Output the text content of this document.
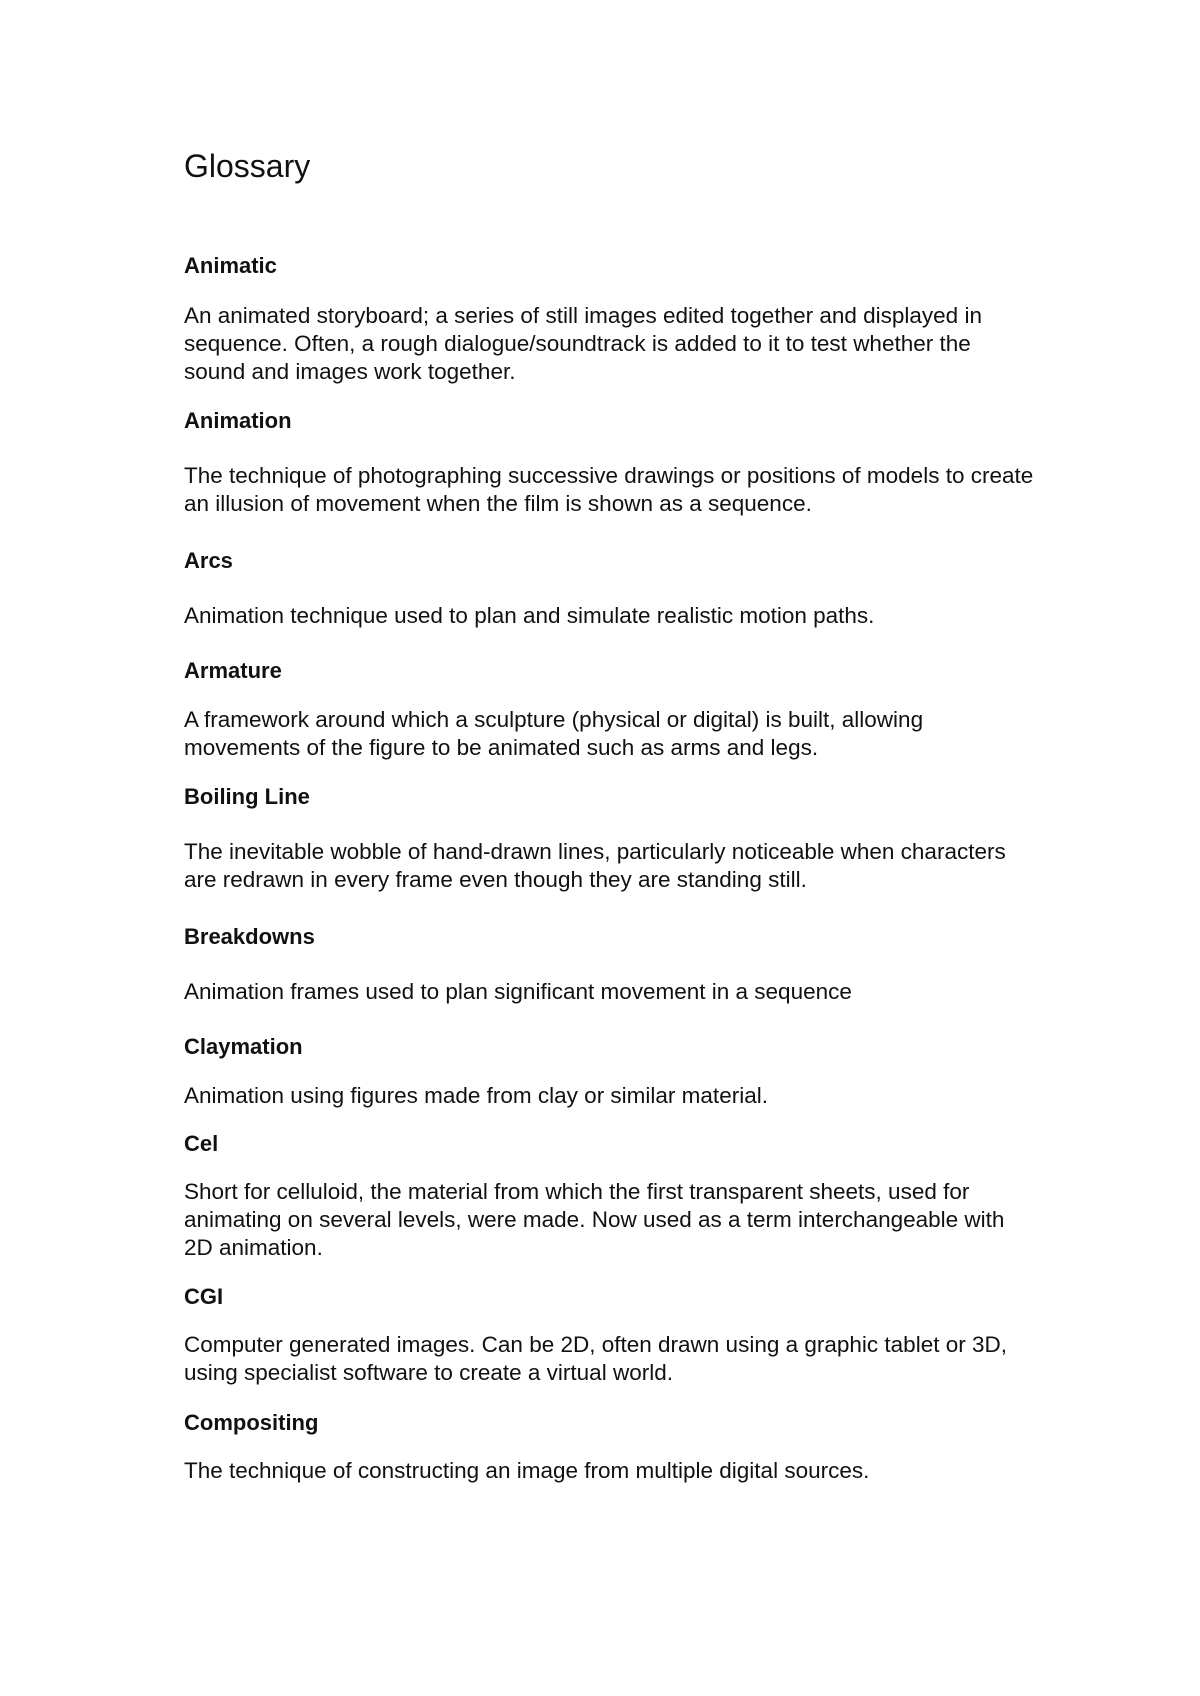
Glossary
Animatic
An animated storyboard; a series of still images edited together and displayed in sequence. Often, a rough dialogue/soundtrack is added to it to test whether the sound and images work together.
Animation
The technique of photographing successive drawings or positions of models to create an illusion of movement when the film is shown as a sequence.
Arcs
Animation technique used to plan and simulate realistic motion paths.
Armature
A framework around which a sculpture (physical or digital) is built, allowing movements of the figure to be animated such as arms and legs.
Boiling Line
The inevitable wobble of hand-drawn lines, particularly noticeable when characters are redrawn in every frame even though they are standing still.
Breakdowns
Animation frames used to plan significant movement in a sequence
Claymation
Animation using figures made from clay or similar material.
Cel
Short for celluloid, the material from which the first transparent sheets, used for animating on several levels, were made. Now used as a term interchangeable with 2D animation.
CGI
Computer generated images. Can be 2D, often drawn using a graphic tablet or 3D, using specialist software to create a virtual world.
Compositing
The technique of constructing an image from multiple digital sources.
